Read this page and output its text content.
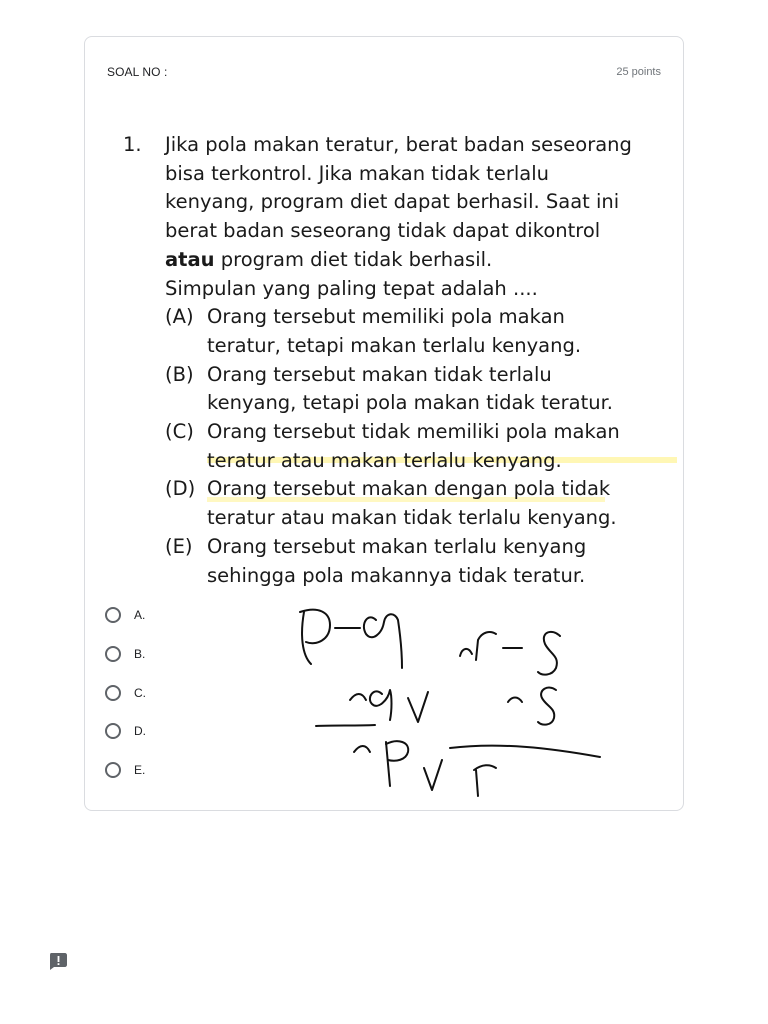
SOAL NO :	25 points
1. Jika pola makan teratur, berat badan seseorang
bisa terkontrol. Jika makan tidak terlalu
kenyang, program diet dapat berhasil. Saat ini
berat badan seseorang tidak dapat dikontrol
atau program diet tidak berhasil.
Simpulan yang paling tepat adalah ....
(A) Orang tersebut memiliki pola makan
teratur, tetapi makan terlalu kenyang.
(B) Orang tersebut makan tidak terlalu
kenyang, tetapi pola makan tidak teratur.
(C) Orang tersebut tidak memiliki pola makan
teratur atau makan terlalu kenyang.
(D) Orang tersebut makan dengan pola tidak
teratur atau makan tidak terlalu kenyang.
(E) Orang tersebut makan terlalu kenyang
sehingga pola makannya tidak teratur.
A.
B.
C.
D.
E.
